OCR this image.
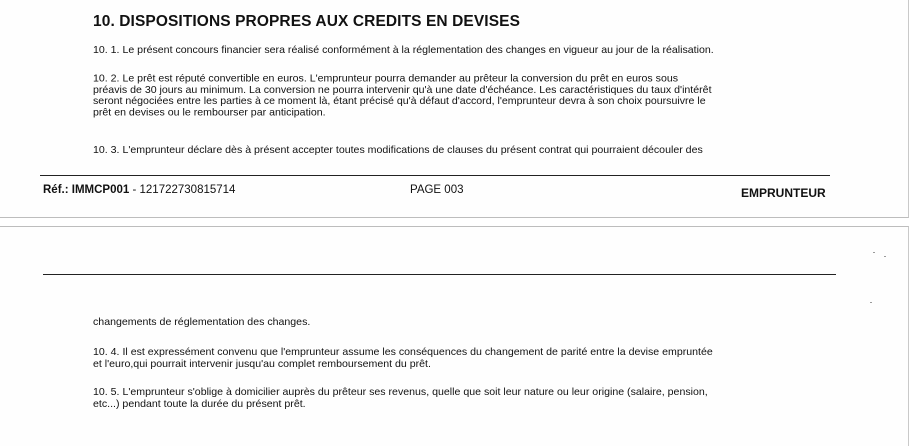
10. DISPOSITIONS PROPRES AUX CREDITS EN DEVISES
10. 1. Le présent concours financier sera réalisé conformément à la réglementation des changes en vigueur au jour de la réalisation.
10. 2. Le prêt est réputé convertible en euros. L'emprunteur pourra demander au prêteur la conversion du prêt en euros sous
préavis de 30 jours au minimum. La conversion ne pourra intervenir qu'à une date d'échéance. Les caractéristiques du taux d'intérêt
seront négociées entre les parties à ce moment là, étant précisé qu'à défaut d'accord, l'emprunteur devra à son choix poursuivre le
prêt en devises ou le rembourser par anticipation.
10. 3. L'emprunteur déclare dès à présent accepter toutes modifications de clauses du présent contrat qui pourraient découler des
Réf.: IMMCP001 - 121722730815714	PAGE 003	EMPRUNTEUR
changements de réglementation des changes.
10. 4. Il est expressément convenu que l'emprunteur assume les conséquences du changement de parité entre la devise empruntée
et l'euro,qui pourrait intervenir jusqu'au complet remboursement du prêt.
10. 5. L'emprunteur s'oblige à domicilier auprès du prêteur ses revenus, quelle que soit leur nature ou leur origine (salaire, pension,
etc...) pendant toute la durée du présent prêt.
